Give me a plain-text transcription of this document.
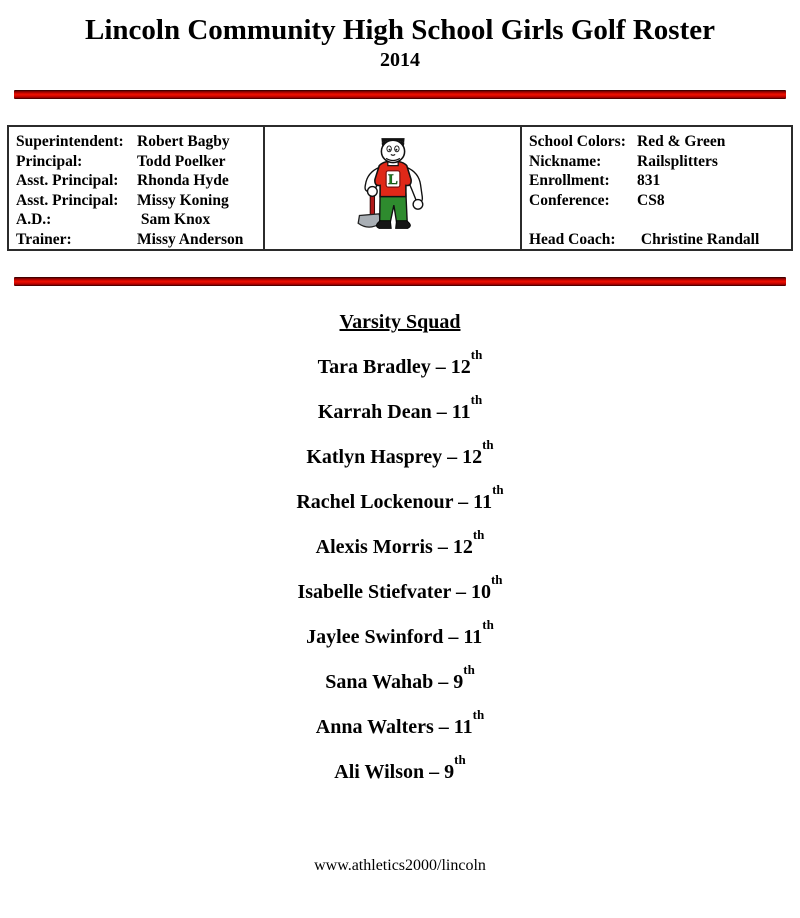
Lincoln Community High School Girls Golf Roster
2014
Superintendent: Robert Bagby
Principal:	Todd Poelker
Asst. Principal:	Rhonda Hyde
Asst. Principal:	Missy Koning
A.D.:	Sam Knox
Trainer:	Missy Anderson
L
School Colors: Red & Green
Nickname:	Railsplitters
Enrollment:	831
Conference:	CS8
Head Coach:	Christine Randall
Varsity Squad
Tara Bradley – 12th
Karrah Dean – 11th
Katlyn Hasprey – 12th
Rachel Lockenour – 11th
Alexis Morris – 12th
Isabelle Stiefvater – 10th
Jaylee Swinford – 11th
Sana Wahab – 9th
Anna Walters – 11th
Ali Wilson – 9th
www.athletics2000/lincoln
